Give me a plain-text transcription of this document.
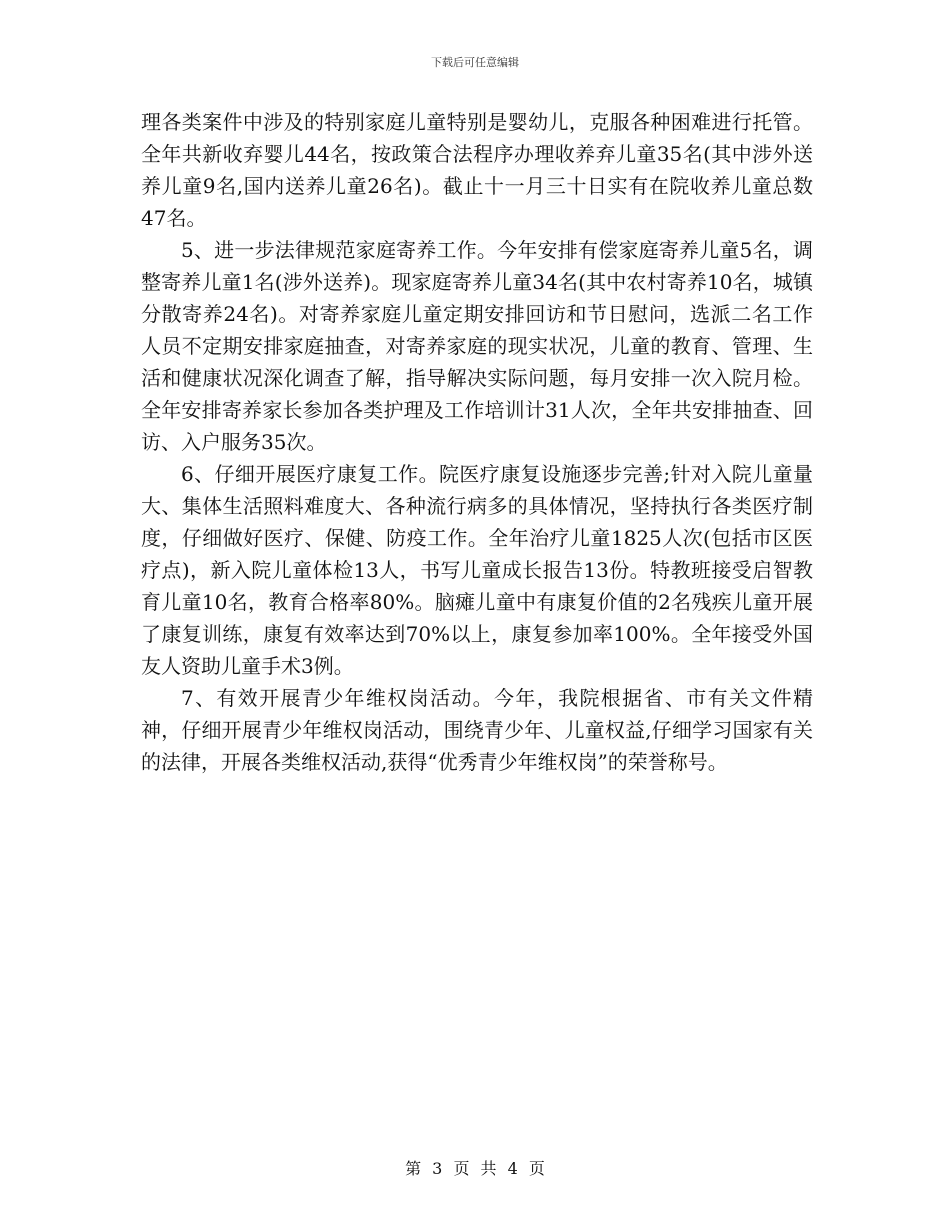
下载后可任意编辑

理各类案件中涉及的特别家庭儿童特别是婴幼儿，克服各种困难进行托管。全年共新收弃婴儿44名，按政策合法程序办理收养弃儿童35名(其中涉外送养儿童9名,国内送养儿童26名)。截止十一月三十日实有在院收养儿童总数47名。

5、进一步法律规范家庭寄养工作。今年安排有偿家庭寄养儿童5名，调整寄养儿童1名(涉外送养)。现家庭寄养儿童34名(其中农村寄养10名，城镇分散寄养24名)。对寄养家庭儿童定期安排回访和节日慰问，选派二名工作人员不定期安排家庭抽查，对寄养家庭的现实状况，儿童的教育、管理、生活和健康状况深化调查了解，指导解决实际问题，每月安排一次入院月检。全年安排寄养家长参加各类护理及工作培训计31人次，全年共安排抽查、回访、入户服务35次。

6、仔细开展医疗康复工作。院医疗康复设施逐步完善;针对入院儿童量大、集体生活照料难度大、各种流行病多的具体情况，坚持执行各类医疗制度，仔细做好医疗、保健、防疫工作。全年治疗儿童1825人次(包括市区医疗点)，新入院儿童体检13人，书写儿童成长报告13份。特教班接受启智教育儿童10名，教育合格率80%。脑瘫儿童中有康复价值的2名残疾儿童开展了康复训练，康复有效率达到70%以上，康复参加率100%。全年接受外国友人资助儿童手术3例。

7、有效开展青少年维权岗活动。今年，我院根据省、市有关文件精神，仔细开展青少年维权岗活动，围绕青少年、儿童权益,仔细学习国家有关的法律，开展各类维权活动,获得“优秀青少年维权岗”的荣誉称号。

第 3 页 共 4 页
